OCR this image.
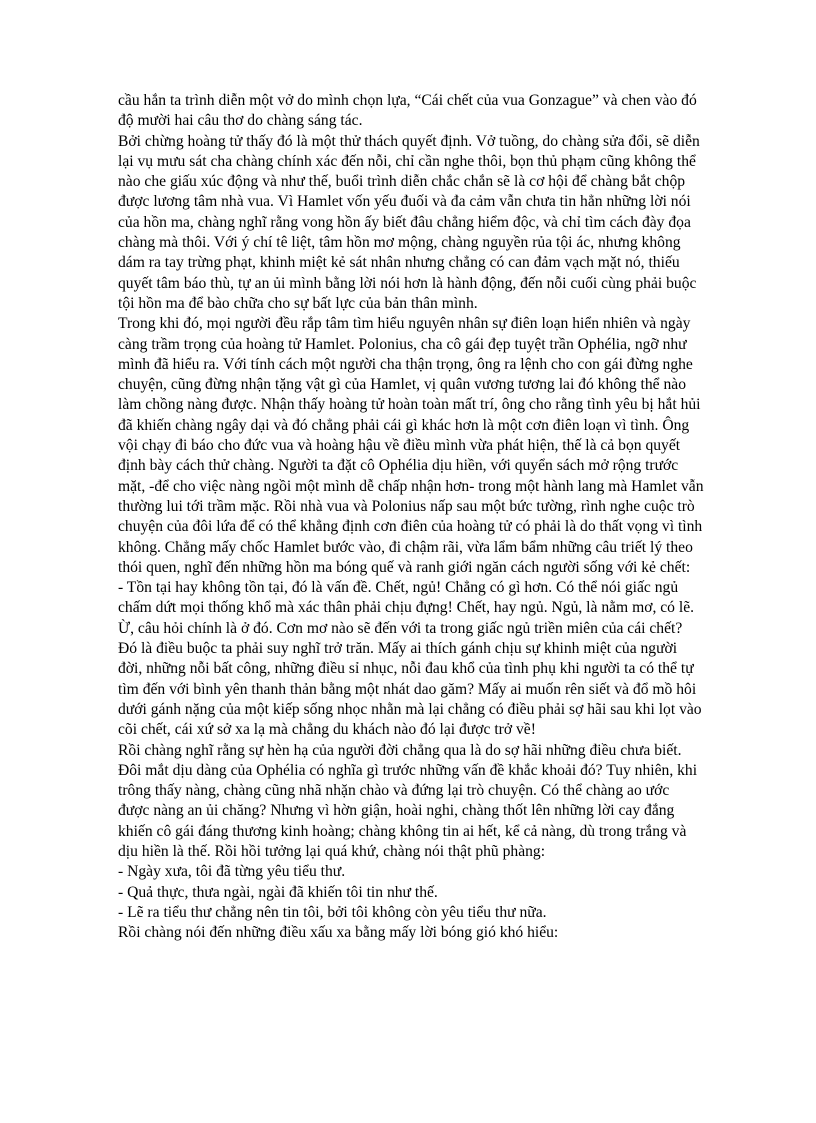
cầu hắn ta trình diễn một vở do mình chọn lựa, “Cái chết của vua Gonzague” và chen vào đó độ mười hai câu thơ do chàng sáng tác.

Bởi chừng hoàng tử thấy đó là một thử thách quyết định. Vở tuồng, do chàng sửa đổi, sẽ diễn lại vụ mưu sát cha chàng chính xác đến nỗi, chỉ cần nghe thôi, bọn thủ phạm cũng không thể nào che giấu xúc động và như thế, buổi trình diễn chắc chắn sẽ là cơ hội để chàng bắt chộp được lương tâm nhà vua. Vì Hamlet vốn yếu đuối và đa cảm vẫn chưa tin hẳn những lời nói của hồn ma, chàng nghĩ rằng vong hồn ấy biết đâu chẳng hiểm độc, và chỉ tìm cách đày đọa chàng mà thôi. Với ý chí tê liệt, tâm hồn mơ mộng, chàng nguyền rủa tội ác, nhưng không dám ra tay trừng phạt, khinh miệt kẻ sát nhân nhưng chẳng có can đảm vạch mặt nó, thiếu quyết tâm báo thù, tự an ủi mình bằng lời nói hơn là hành động, đến nỗi cuối cùng phải buộc tội hồn ma để bào chữa cho sự bất lực của bản thân mình.

Trong khi đó, mọi người đều rắp tâm tìm hiểu nguyên nhân sự điên loạn hiển nhiên và ngày càng trầm trọng của hoàng tử Hamlet. Polonius, cha cô gái đẹp tuyệt trần Ophélia, ngỡ như mình đã hiểu ra. Với tính cách một người cha thận trọng, ông ra lệnh cho con gái đừng nghe chuyện, cũng đừng nhận tặng vật gì của Hamlet, vị quân vương tương lai đó không thể nào làm chồng nàng được. Nhận thấy hoàng tử hoàn toàn mất trí, ông cho rằng tình yêu bị hắt hủi đã khiến chàng ngây dại và đó chẳng phải cái gì khác hơn là một cơn điên loạn vì tình. Ông vội chạy đi báo cho đức vua và hoàng hậu về điều mình vừa phát hiện, thế là cả bọn quyết định bày cách thử chàng. Người ta đặt cô Ophélia dịu hiền, với quyển sách mở rộng trước mặt, -để cho việc nàng ngồi một mình dễ chấp nhận hơn- trong một hành lang mà Hamlet vẫn thường lui tới trầm mặc. Rồi nhà vua và Polonius nấp sau một bức tường, rình nghe cuộc trò chuyện của đôi lứa để có thể khẳng định cơn điên của hoàng tử có phải là do thất vọng vì tình không. Chẳng mấy chốc Hamlet bước vào, đi chậm rãi, vừa lẩm bẩm những câu triết lý theo thói quen, nghĩ đến những hồn ma bóng quế và ranh giới ngăn cách người sống với kẻ chết:

- Tồn tại hay không tồn tại, đó là vấn đề. Chết, ngủ! Chẳng có gì hơn. Có thể nói giấc ngủ chấm dứt mọi thống khổ mà xác thân phải chịu đựng! Chết, hay ngủ. Ngủ, là nằm mơ, có lẽ. Ừ, câu hỏi chính là ở đó. Cơn mơ nào sẽ đến với ta trong giấc ngủ triền miên của cái chết? Đó là điều buộc ta phải suy nghĩ trở trăn. Mấy ai thích gánh chịu sự khinh miệt của người đời, những nỗi bất công, những điều sỉ nhục, nỗi đau khổ của tình phụ khi người ta có thể tự tìm đến với bình yên thanh thản bằng một nhát dao găm? Mấy ai muốn rên siết và đổ mồ hôi dưới gánh nặng của một kiếp sống nhọc nhằn mà lại chẳng có điều phải sợ hãi sau khi lọt vào cõi chết, cái xứ sở xa lạ mà chẳng du khách nào đó lại được trở về!

Rồi chàng nghĩ rằng sự hèn hạ của người đời chẳng qua là do sợ hãi những điều chưa biết. Đôi mắt dịu dàng của Ophélia có nghĩa gì trước những vấn đề khắc khoải đó? Tuy nhiên, khi trông thấy nàng, chàng cũng nhã nhặn chào và đứng lại trò chuyện. Có thể chàng ao ước được nàng an ủi chăng? Nhưng vì hờn giận, hoài nghi, chàng thốt lên những lời cay đắng khiến cô gái đáng thương kinh hoàng; chàng không tin ai hết, kể cả nàng, dù trong trắng và dịu hiền là thế. Rồi hồi tưởng lại quá khứ, chàng nói thật phũ phàng:

- Ngày xưa, tôi đã từng yêu tiểu thư.

- Quả thực, thưa ngài, ngài đã khiến tôi tin như thế.

- Lẽ ra tiểu thư chẳng nên tin tôi, bởi tôi không còn yêu tiểu thư nữa.

Rồi chàng nói đến những điều xấu xa bằng mấy lời bóng gió khó hiểu:
